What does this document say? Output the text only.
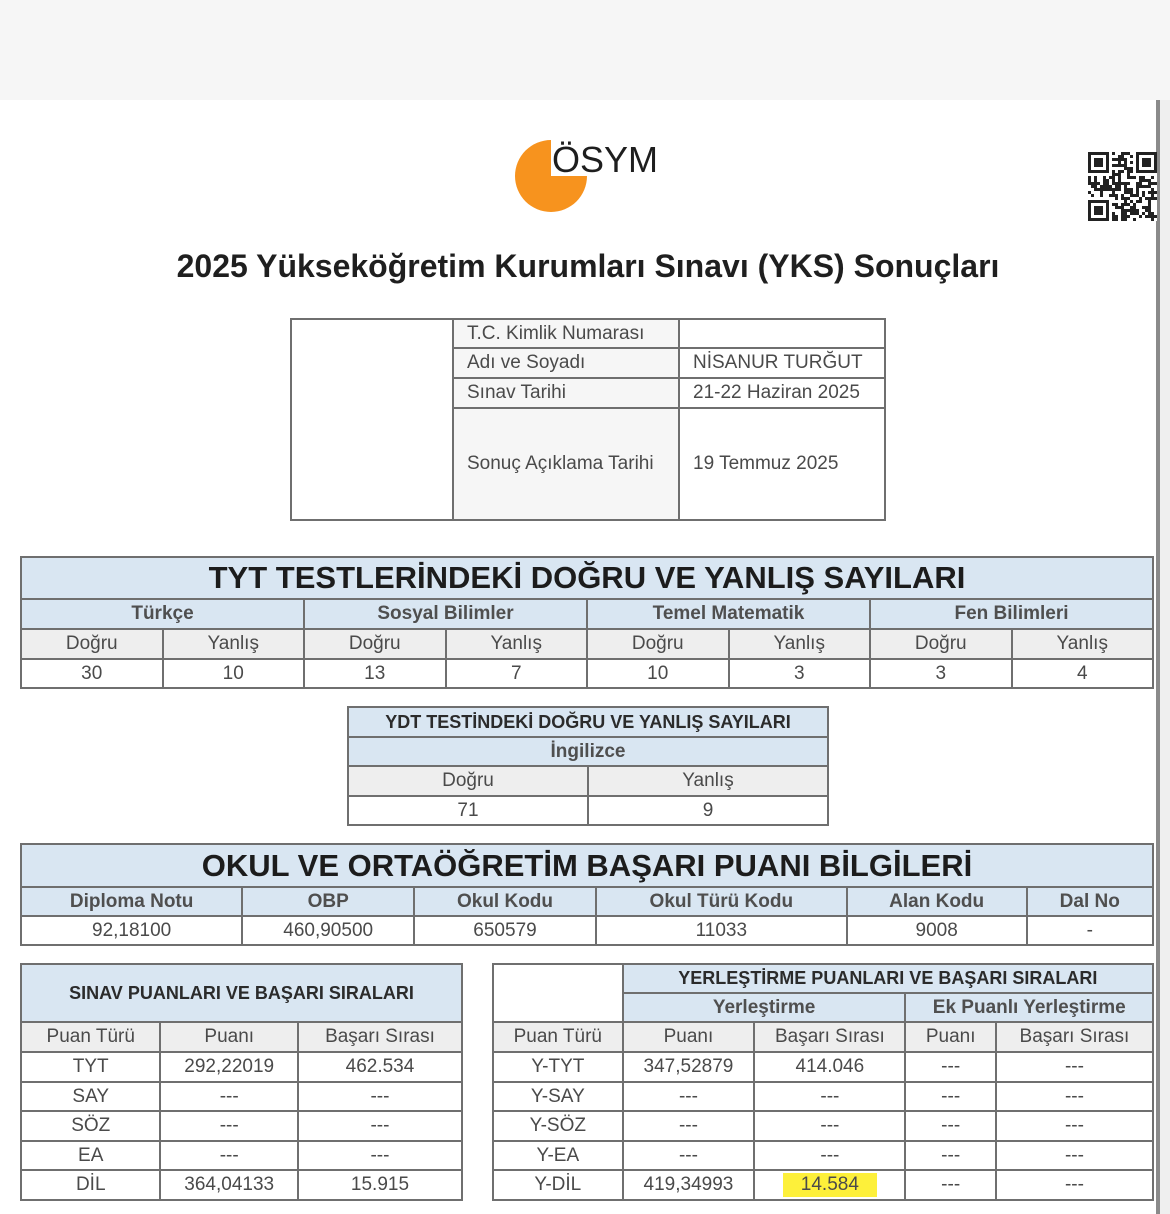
ÖSYM
2025 Yükseköğretim Kurumları Sınavı (YKS) Sonuçları
T.C. Kimlik Numarası
Adı ve Soyadı	NİSANUR TURĞUT
Sınav Tarihi	21-22 Haziran 2025
Sonuç Açıklama Tarihi	19 Temmuz 2025
TYT TESTLERİNDEKİ DOĞRU VE YANLIŞ SAYILARI
Türkçe	Sosyal Bilimler	Temel Matematik	Fen Bilimleri
Doğru	Yanlış	Doğru	Yanlış	Doğru	Yanlış	Doğru	Yanlış
30	10	13	7	10	3	3	4
YDT TESTİNDEKİ DOĞRU VE YANLIŞ SAYILARI
İngilizce
Doğru	Yanlış
71	9
OKUL VE ORTAÖĞRETİM BAŞARI PUANI BİLGİLERİ
Diploma Notu	OBP	Okul Kodu	Okul Türü Kodu	Alan Kodu	Dal No
92,18100	460,90500	650579	11033	9008	-
SINAV PUANLARI VE BAŞARI SIRALARI
Puan Türü	Puanı	Başarı Sırası
TYT	292,22019	462.534
SAY	---	---
SÖZ	---	---
EA	---	---
DİL	364,04133	15.915
YERLEŞTİRME PUANLARI VE BAŞARI SIRALARI
Yerleştirme	Ek Puanlı Yerleştirme
Puan Türü	Puanı	Başarı Sırası	Puanı	Başarı Sırası
Y-TYT	347,52879	414.046	---	---
Y-SAY	---	---	---	---
Y-SÖZ	---	---	---	---
Y-EA	---	---	---	---
Y-DİL	419,34993	14.584	---	---
